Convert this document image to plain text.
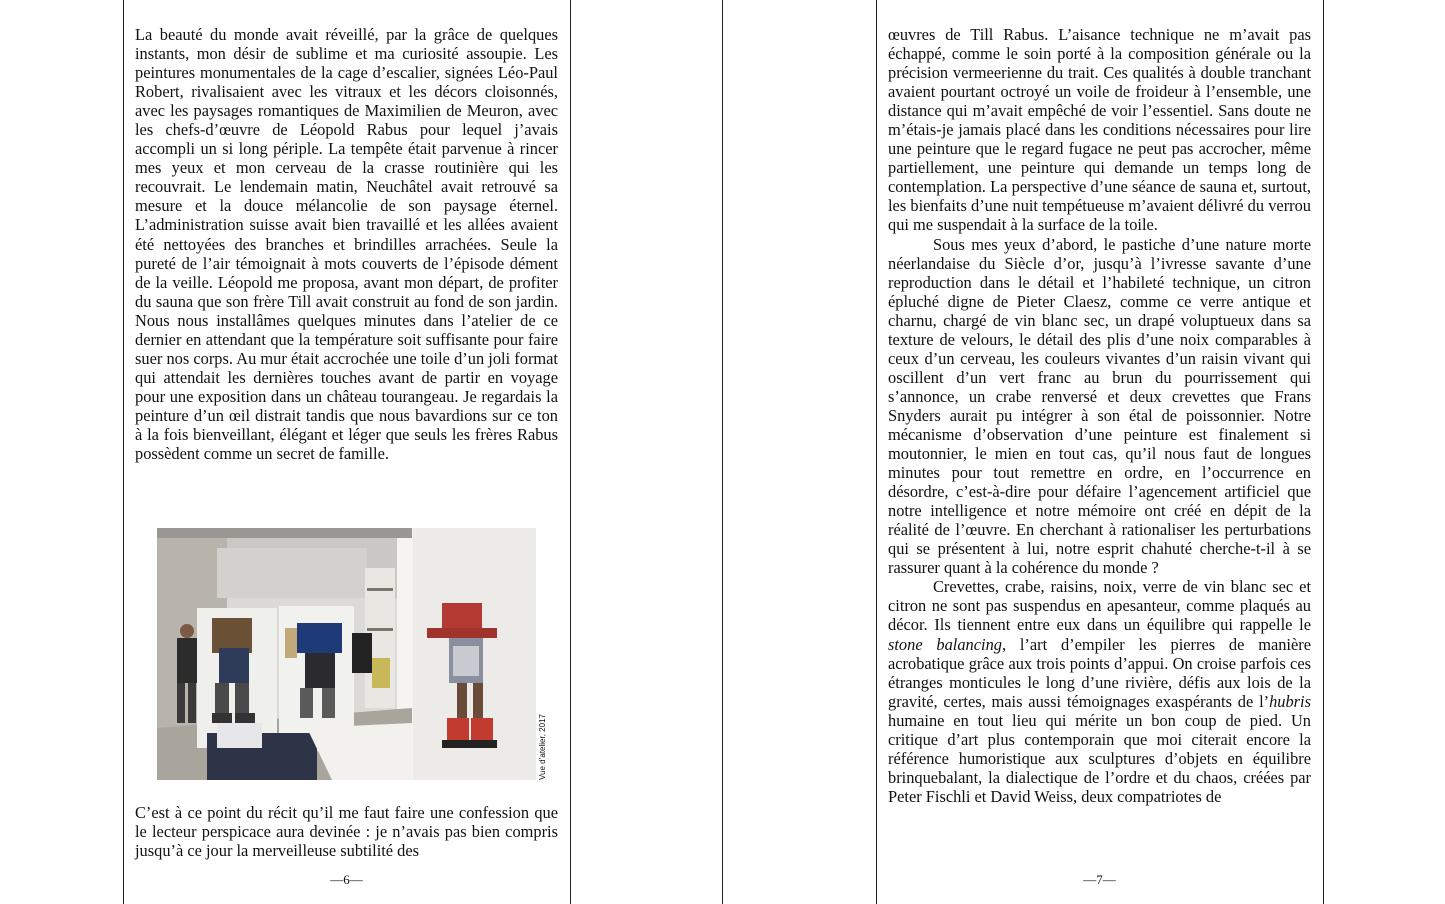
La beauté du monde avait réveillé, par la grâce de quelques instants, mon désir de sublime et ma curiosité assoupie. Les peintures monumentales de la cage d’escalier, signées Léo-Paul Robert, rivalisaient avec les vitraux et les décors cloisonnés, avec les paysages romantiques de Maximilien de Meuron, avec les chefs-d’œuvre de Léopold Rabus pour lequel j’avais accompli un si long périple. La tempête était parvenue à rincer mes yeux et mon cerveau de la crasse routinière qui les recouvrait. Le lendemain matin, Neuchâtel avait retrouvé sa mesure et la douce mélancolie de son paysage éternel. L’administration suisse avait bien travaillé et les allées avaient été nettoyées des branches et brindilles arrachées. Seule la pureté de l’air témoignait à mots couverts de l’épisode dément de la veille. Léopold me proposa, avant mon départ, de profiter du sauna que son frère Till avait construit au fond de son jardin. Nous nous installâmes quelques minutes dans l’atelier de ce dernier en attendant que la température soit suffisante pour faire suer nos corps. Au mur était accrochée une toile d’un joli format qui attendait les dernières touches avant de partir en voyage pour une exposition dans un château tourangeau. Je regardais la peinture d’un œil distrait tandis que nous bavardions sur ce ton à la fois bienveillant, élégant et léger que seuls les frères Rabus possèdent comme un secret de famille.

Vue d’atelier, 2017

C’est à ce point du récit qu’il me faut faire une confession que le lecteur perspicace aura devinée : je n’avais pas bien compris jusqu’à ce jour la merveilleuse subtilité des

—6—

œuvres de Till Rabus. L’aisance technique ne m’avait pas échappé, comme le soin porté à la composition générale ou la précision vermeerienne du trait. Ces qualités à double tranchant avaient pourtant octroyé un voile de froideur à l’ensemble, une distance qui m’avait empêché de voir l’essentiel. Sans doute ne m’étais-je jamais placé dans les conditions nécessaires pour lire une peinture que le regard fugace ne peut pas accrocher, même partiellement, une peinture qui demande un temps long de contemplation. La perspective d’une séance de sauna et, surtout, les bienfaits d’une nuit tempétueuse m’avaient délivré du verrou qui me suspendait à la surface de la toile.

Sous mes yeux d’abord, le pastiche d’une nature morte néerlandaise du Siècle d’or, jusqu’à l’ivresse savante d’une reproduction dans le détail et l’habileté technique, un citron épluché digne de Pieter Claesz, comme ce verre antique et charnu, chargé de vin blanc sec, un drapé voluptueux dans sa texture de velours, le détail des plis d’une noix comparables à ceux d’un cerveau, les couleurs vivantes d’un raisin vivant qui oscillent d’un vert franc au brun du pourrissement qui s’annonce, un crabe renversé et deux crevettes que Frans Snyders aurait pu intégrer à son étal de poissonnier. Notre mécanisme d’observation d’une peinture est finalement si moutonnier, le mien en tout cas, qu’il nous faut de longues minutes pour tout remettre en ordre, en l’occurrence en désordre, c’est-à-dire pour défaire l’agencement artificiel que notre intelligence et notre mémoire ont créé en dépit de la réalité de l’œuvre. En cherchant à rationaliser les perturbations qui se présentent à lui, notre esprit chahuté cherche-t-il à se rassurer quant à la cohérence du monde ?

Crevettes, crabe, raisins, noix, verre de vin blanc sec et citron ne sont pas suspendus en apesanteur, comme plaqués au décor. Ils tiennent entre eux dans un équilibre qui rappelle le stone balancing, l’art d’empiler les pierres de manière acrobatique grâce aux trois points d’appui. On croise parfois ces étranges monticules le long d’une rivière, défis aux lois de la gravité, certes, mais aussi témoignages exaspérants de l’hubris humaine en tout lieu qui mérite un bon coup de pied. Un critique d’art plus contemporain que moi citerait encore la référence humoristique aux sculptures d’objets en équilibre brinquebalant, la dialectique de l’ordre et du chaos, créées par Peter Fischli et David Weiss, deux compatriotes de

—7—
